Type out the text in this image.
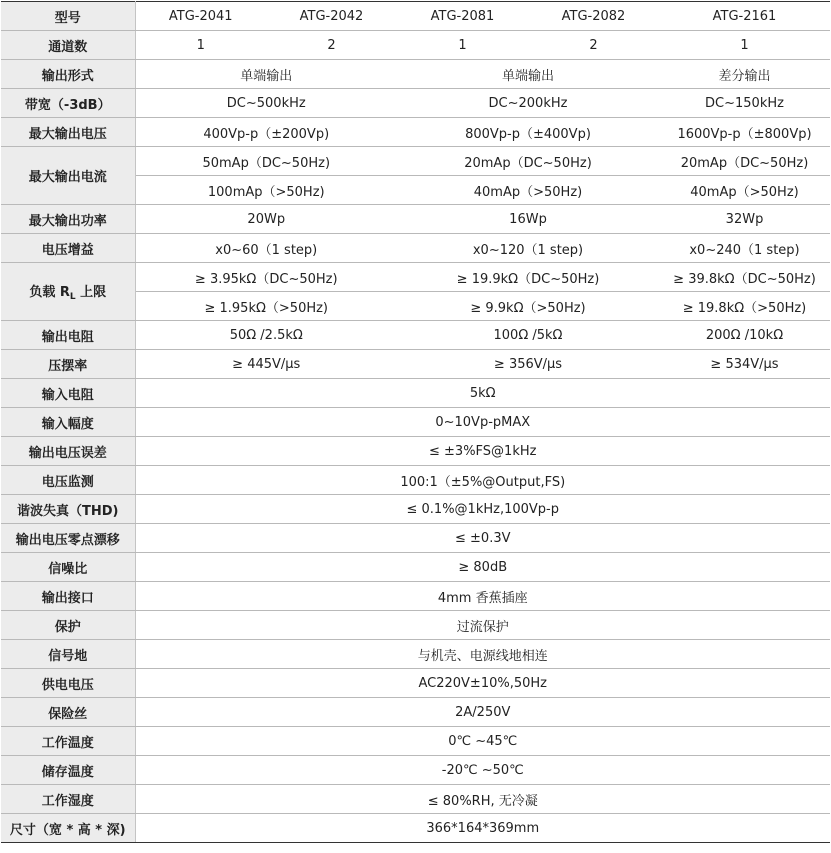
型号	ATG-2041	ATG-2042	ATG-2081	ATG-2082	ATG-2161
通道数	1	2	1	2	1
输出形式	单端输出		单端输出		差分输出
带宽（-3dB）	DC~500kHz		DC~200kHz		DC~150kHz
最大输出电压	400Vp-p（±200Vp)		800Vp-p（±400Vp)		1600Vp-p（±800Vp)
最大输出电流	50mAp（DC~50Hz)		20mAp（DC~50Hz)		20mAp（DC~50Hz)
	100mAp（>50Hz)		40mAp（>50Hz)		40mAp（>50Hz)
最大输出功率	20Wp		16Wp		32Wp
电压增益	x0~60（1 step)		x0~120（1 step)		x0~240（1 step)
负载 $R_L$ 上限	≥ 3.95kΩ（DC~50Hz)		≥ 19.9kΩ（DC~50Hz)		≥ 39.8kΩ（DC~50Hz)
	≥ 1.95kΩ（>50Hz)		≥ 9.9kΩ（>50Hz)		≥ 19.8kΩ（>50Hz)
输出电阻	50Ω /2.5kΩ		100Ω /5kΩ		200Ω /10kΩ
压摆率	≥ 445V/μs		≥ 356V/μs		≥ 534V/μs
输入电阻	5kΩ				
输入幅度	0~10Vp-pMAX				
输出电压误差	≤ ±3%FS@1kHz				
电压监测	100:1（±5%@Output,FS)				
谐波失真（THD)	≤ 0.1%@1kHz,100Vp-p				
输出电压零点漂移	≤ ±0.3V				
信噪比	≥ 80dB				
输出接口	4mm 香蕉插座				
保护	过流保护				
信号地	与机壳、电源线地相连				
供电电压	AC220V±10%,50Hz				
保险丝	2A/250V				
工作温度	0℃ ~45℃				
储存温度	-20℃ ~50℃				
工作湿度	≤ 80%RH, 无冷凝				
尺寸（宽 * 高 * 深)	366*164*369mm				
